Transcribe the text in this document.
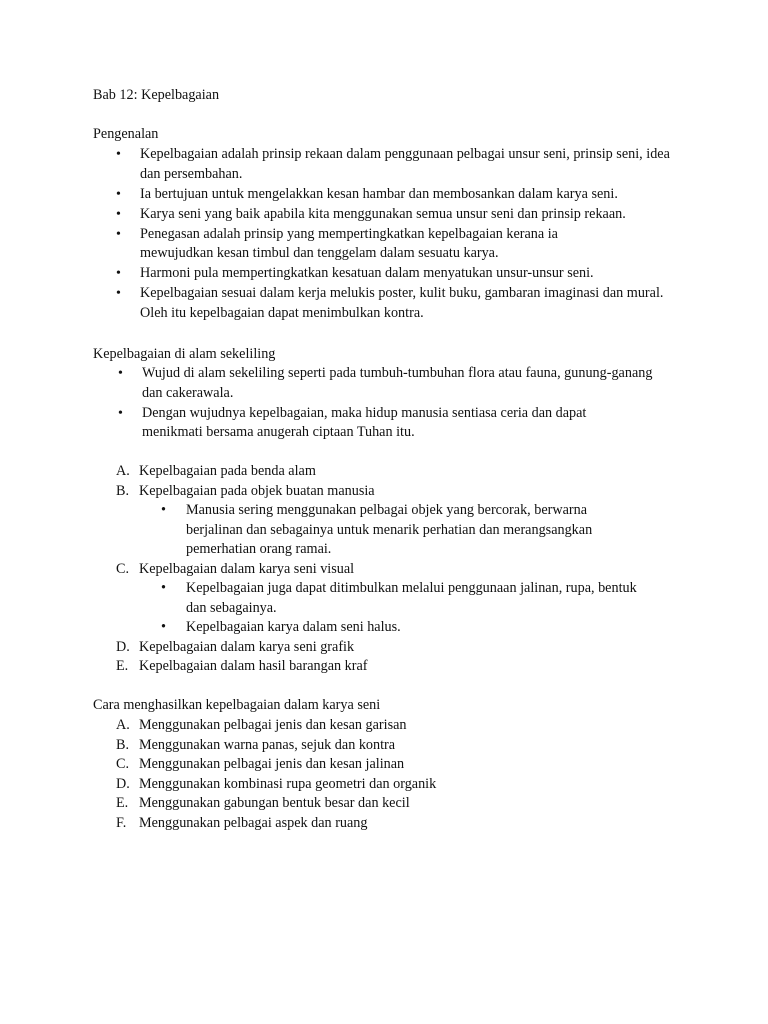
Bab 12: Kepelbagaian
Pengenalan
• Kepelbagaian adalah prinsip rekaan dalam penggunaan pelbagai unsur seni, prinsip seni, idea dan persembahan.
• Ia bertujuan untuk mengelakkan kesan hambar dan membosankan dalam karya seni.
• Karya seni yang baik apabila kita menggunakan semua unsur seni dan prinsip rekaan.
• Penegasan adalah prinsip yang mempertingkatkan kepelbagaian kerana ia mewujudkan kesan timbul dan tenggelam dalam sesuatu karya.
• Harmoni pula mempertingkatkan kesatuan dalam menyatukan unsur-unsur seni.
• Kepelbagaian sesuai dalam kerja melukis poster, kulit buku, gambaran imaginasi dan mural. Oleh itu kepelbagaian dapat menimbulkan kontra.
Kepelbagaian di alam sekeliling
• Wujud di alam sekeliling seperti pada tumbuh-tumbuhan flora atau fauna, gunung-ganang dan cakerawala.
• Dengan wujudnya kepelbagaian, maka hidup manusia sentiasa ceria dan dapat menikmati bersama anugerah ciptaan Tuhan itu.
A. Kepelbagaian pada benda alam
B. Kepelbagaian pada objek buatan manusia
• Manusia sering menggunakan pelbagai objek yang bercorak, berwarna berjalinan dan sebagainya untuk menarik perhatian dan merangsangkan pemerhatian orang ramai.
C. Kepelbagaian dalam karya seni visual
• Kepelbagaian juga dapat ditimbulkan melalui penggunaan jalinan, rupa, bentuk dan sebagainya.
• Kepelbagaian karya dalam seni halus.
D. Kepelbagaian dalam karya seni grafik
E. Kepelbagaian dalam hasil barangan kraf
Cara menghasilkan kepelbagaian dalam karya seni
A. Menggunakan pelbagai jenis dan kesan garisan
B. Menggunakan warna panas, sejuk dan kontra
C. Menggunakan pelbagai jenis dan kesan jalinan
D. Menggunakan kombinasi rupa geometri dan organik
E. Menggunakan gabungan bentuk besar dan kecil
F. Menggunakan pelbagai aspek dan ruang
